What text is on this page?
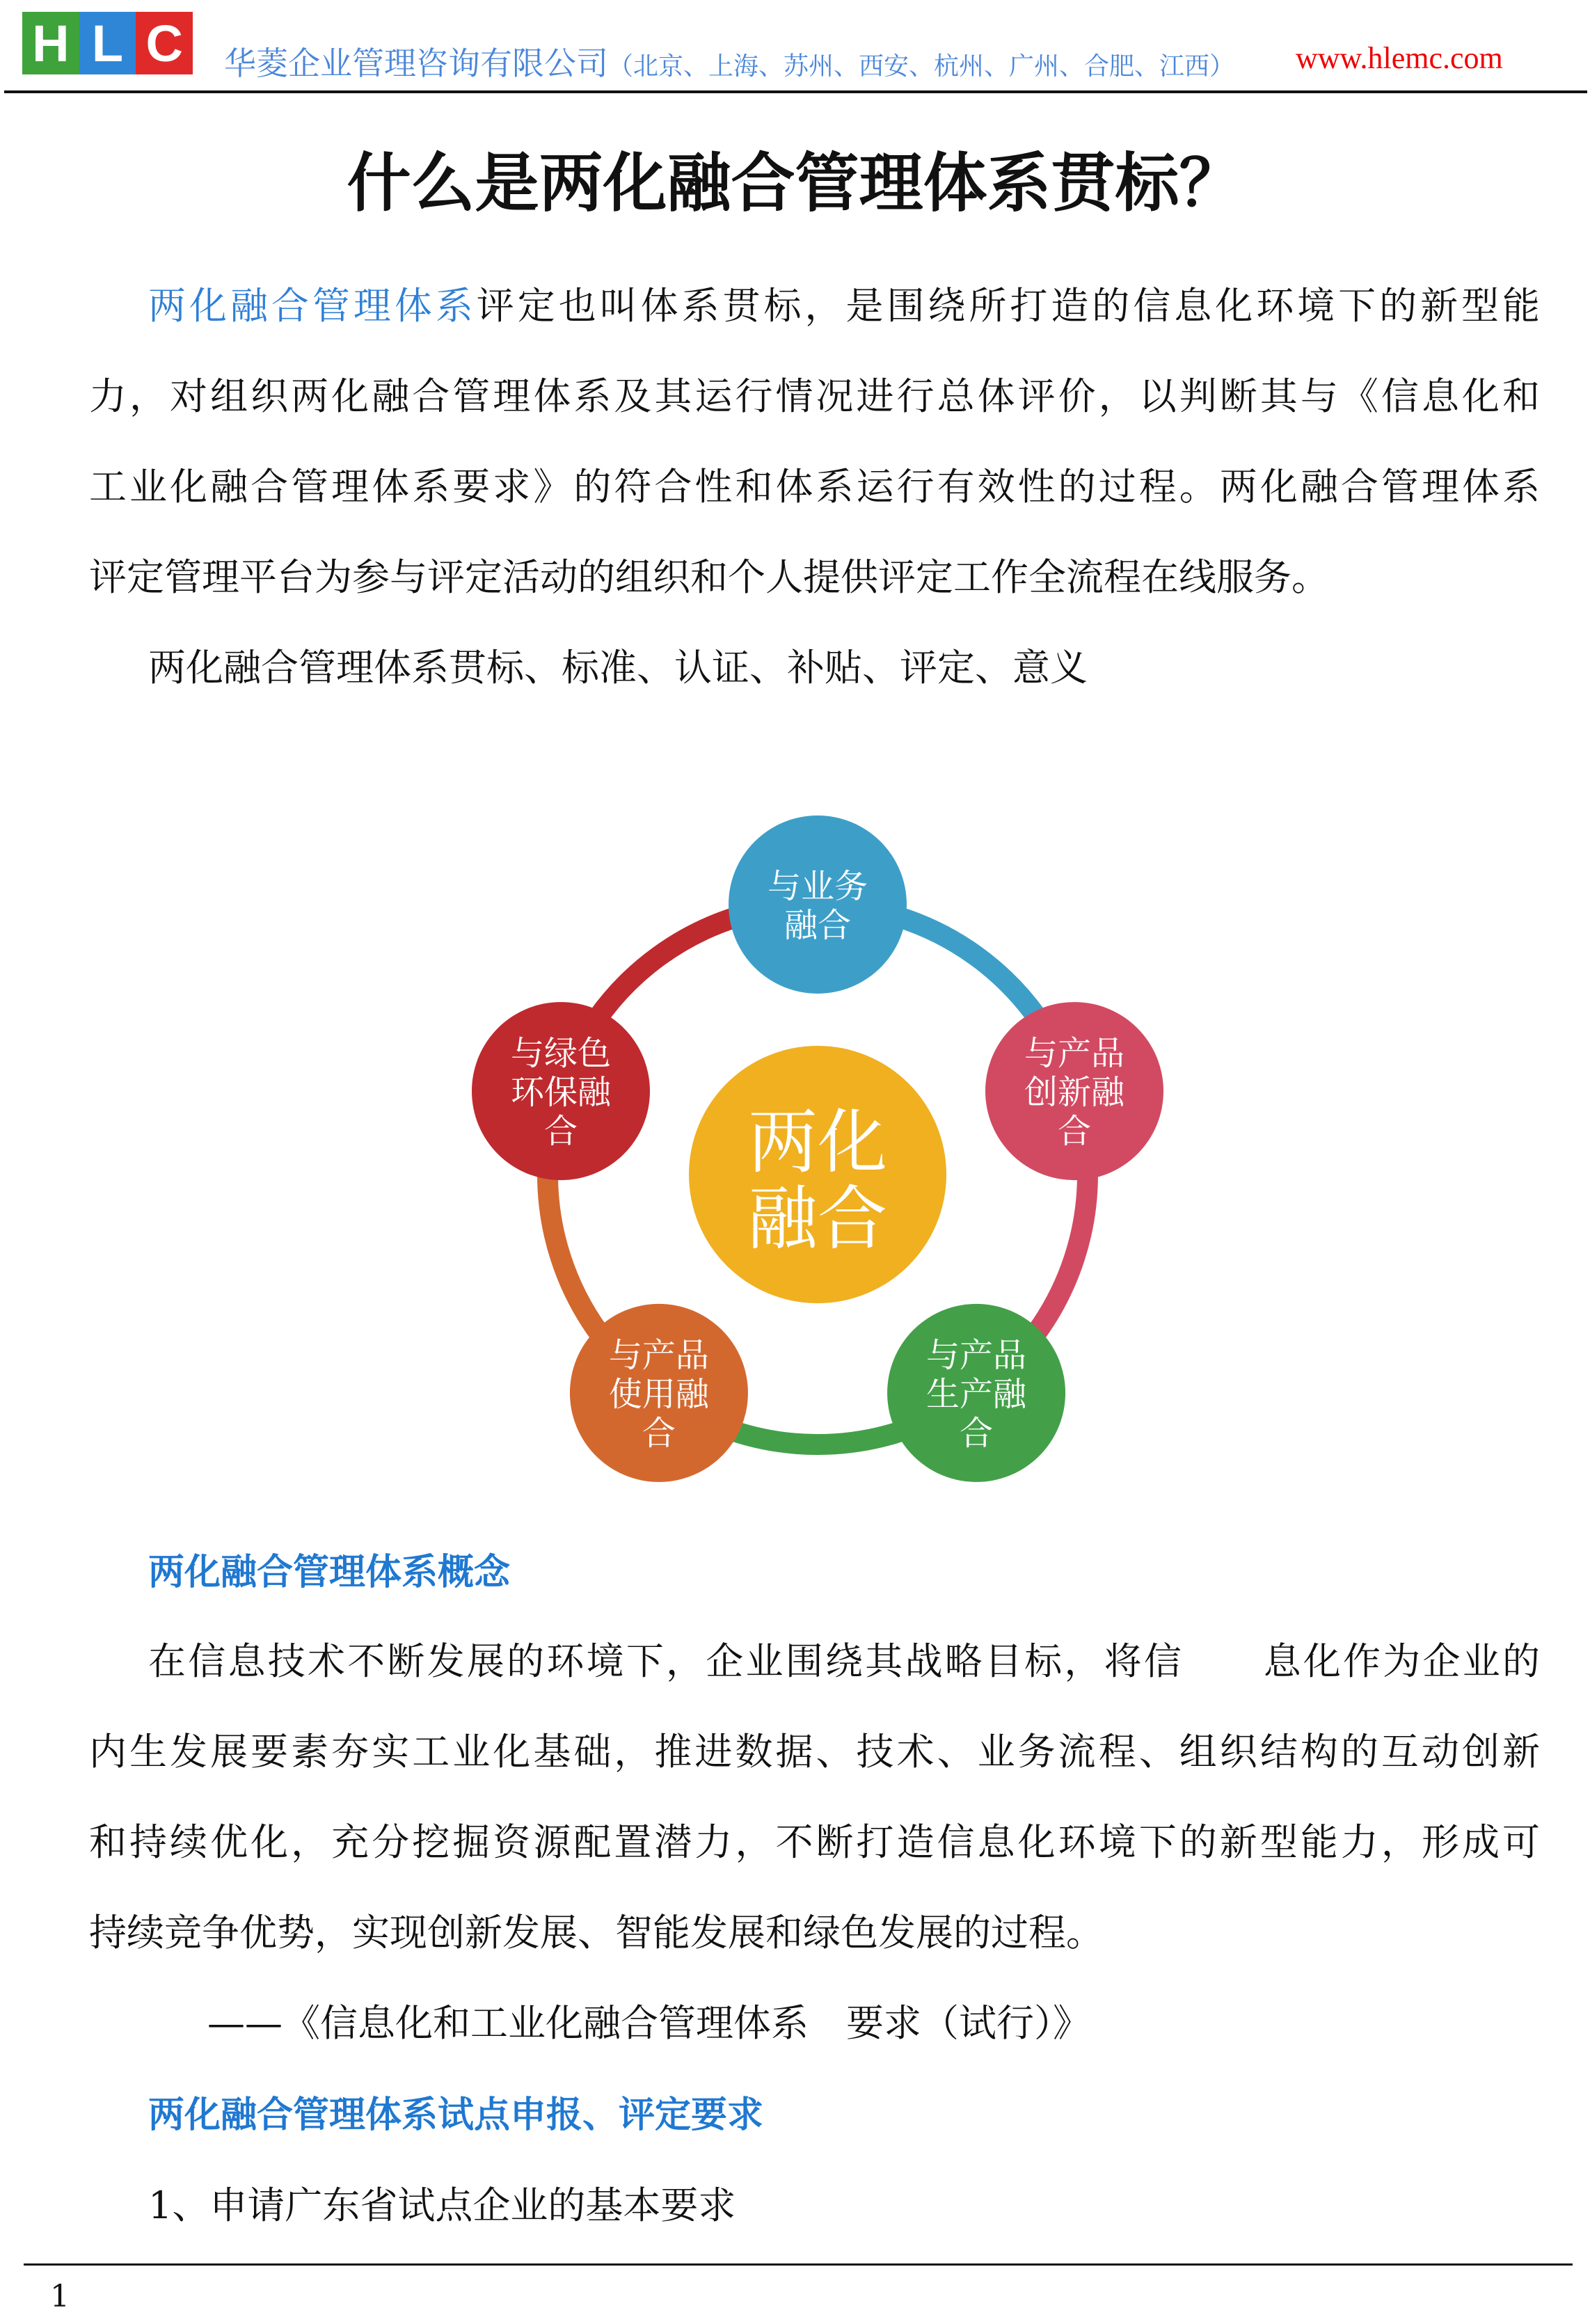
H L C	华菱企业管理咨询有限公司（北京、上海、苏州、西安、杭州、广州、合肥、江西） www.hlemc.com
什么是两化融合管理体系贯标？
两化融合管理体系评定也叫体系贯标，是围绕所打造的信息化环境下的新型能
力，对组织两化融合管理体系及其运行情况进行总体评价，以判断其与《信息化和
工业化融合管理体系要求》的符合性和体系运行有效性的过程。两化融合管理体系
评定管理平台为参与评定活动的组织和个人提供评定工作全流程在线服务。
两化融合管理体系贯标、标准、认证、补贴、评定、意义
两化
融合
与业务
融合
与产品
创新融
合
与产品
生产融
合
与产品
使用融
合
与绿色
环保融
合
两化融合管理体系概念
在信息技术不断发展的环境下，企业围绕其战略目标，将信　　息化作为企业的
内生发展要素夯实工业化基础，推进数据、技术、业务流程、组织结构的互动创新
和持续优化，充分挖掘资源配置潜力，不断打造信息化环境下的新型能力，形成可
持续竞争优势，实现创新发展、智能发展和绿色发展的过程。
——《信息化和工业化融合管理体系　要求（试行）》
两化融合管理体系试点申报、评定要求
1、申请广东省试点企业的基本要求
1
